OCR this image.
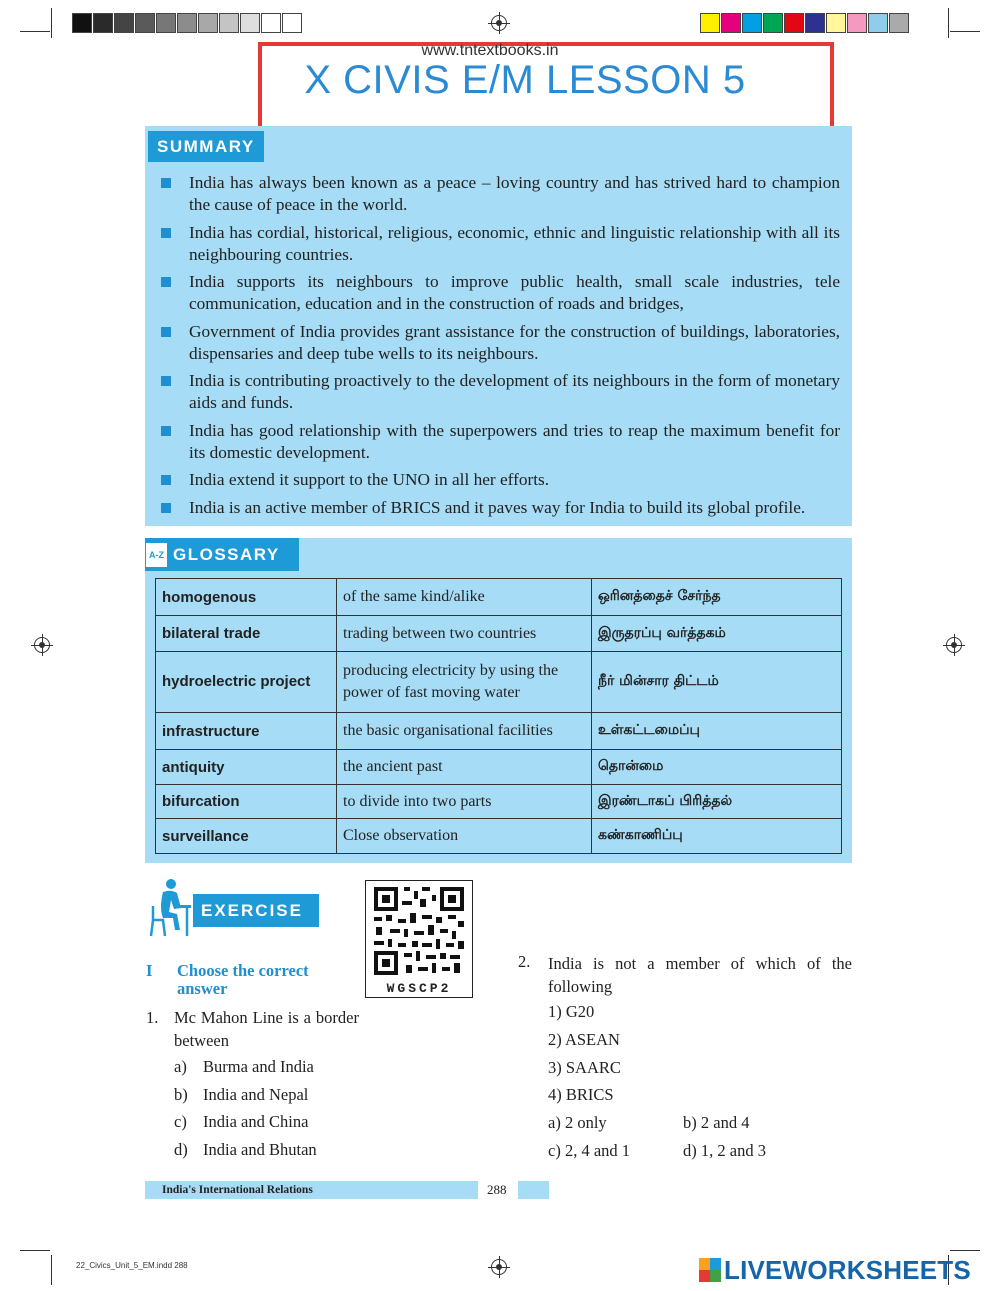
www.tntextbooks.in
X CIVIS E/M LESSON 5
SUMMARY
India has always been known as a peace – loving country and has strived hard to champion the cause of peace in the world.
India has cordial, historical, religious, economic, ethnic and linguistic relationship with all its neighbouring countries.
India supports its neighbours to improve public health, small scale industries, tele communication, education and in the construction of roads and bridges,
Government of India provides grant assistance for the construction of buildings, laboratories, dispensaries and deep tube wells to its neighbours.
India is contributing proactively to the development of its neighbours in the form of monetary aids and funds.
India has good relationship with the superpowers and tries to reap the maximum benefit for its domestic development.
India extend it support to the UNO in all her efforts.
India is an active member of BRICS and it paves way for India to build its global profile.
A-Z GLOSSARY
homogenous	of the same kind/alike	ஒரினத்தைச் சேர்ந்த
bilateral trade	trading between two countries	இருதரப்பு வர்த்தகம்
hydroelectric project	producing electricity by using the power of fast moving water	நீர் மின்சார திட்டம்
infrastructure	the basic organisational facilities	உள்கட்டமைப்பு
antiquity	the ancient past	தொன்மை
bifurcation	to divide into two parts	இரண்டாகப் பிரித்தல்
surveillance	Close observation	கண்காணிப்பு
EXERCISE
WGSCP2
I Choose the correct answer
1. Mc Mahon Line is a border between
a) Burma and India
b) India and Nepal
c) India and China
d) India and Bhutan
2. India is not a member of which of the following
1) G20
2) ASEAN
3) SAARC
4) BRICS
a) 2 only	b) 2 and 4
c) 2, 4 and 1	d) 1, 2 and 3
India's International Relations	288
22_Civics_Unit_5_EM.indd 288	LIVEWORKSHEETS
